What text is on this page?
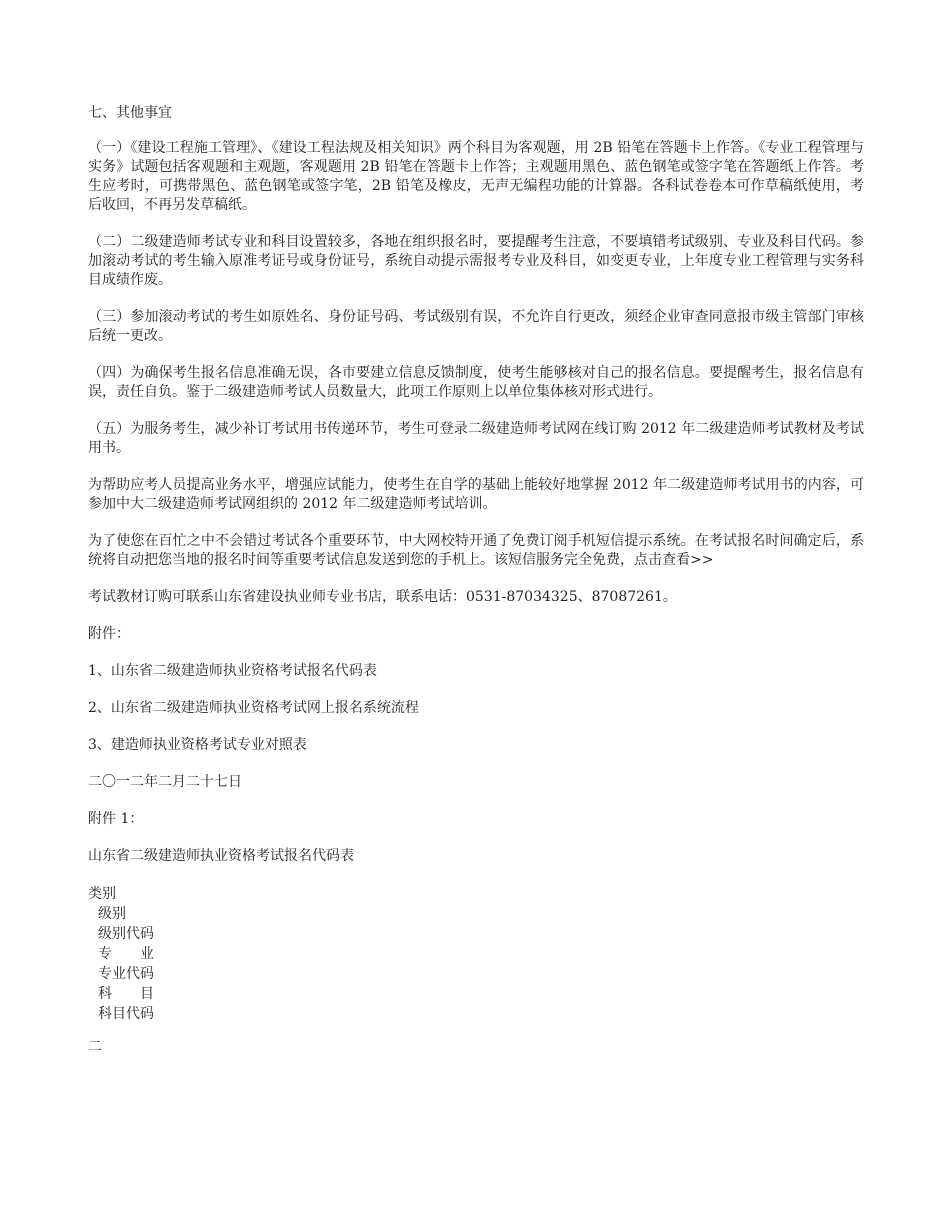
七、其他事宜
（一）《建设工程施工管理》、《建设工程法规及相关知识》两个科目为客观题，用 2B 铅笔在答题卡上作答。《专业工程管理与实务》试题包括客观题和主观题，客观题用 2B 铅笔在答题卡上作答；主观题用黑色、蓝色钢笔或签字笔在答题纸上作答。考生应考时，可携带黑色、蓝色钢笔或签字笔，2B 铅笔及橡皮，无声无编程功能的计算器。各科试卷卷本可作草稿纸使用，考后收回，不再另发草稿纸。
（二）二级建造师考试专业和科目设置较多，各地在组织报名时，要提醒考生注意，不要填错考试级别、专业及科目代码。参加滚动考试的考生输入原准考证号或身份证号，系统自动提示需报考专业及科目，如变更专业，上年度专业工程管理与实务科目成绩作废。
（三）参加滚动考试的考生如原姓名、身份证号码、考试级别有误，不允许自行更改，须经企业审查同意报市级主管部门审核后统一更改。
（四）为确保考生报名信息准确无误，各市要建立信息反馈制度，使考生能够核对自己的报名信息。要提醒考生，报名信息有误，责任自负。鉴于二级建造师考试人员数量大，此项工作原则上以单位集体核对形式进行。
（五）为服务考生，减少补订考试用书传递环节，考生可登录二级建造师考试网在线订购 2012 年二级建造师考试教材及考试用书。
为帮助应考人员提高业务水平，增强应试能力，使考生在自学的基础上能较好地掌握 2012 年二级建造师考试用书的内容，可参加中大二级建造师考试网组织的 2012 年二级建造师考试培训。
为了使您在百忙之中不会错过考试各个重要环节，中大网校特开通了免费订阅手机短信提示系统。在考试报名时间确定后，系统将自动把您当地的报名时间等重要考试信息发送到您的手机上。该短信服务完全免费，点击查看>>
考试教材订购可联系山东省建设执业师专业书店，联系电话：0531-87034325、87087261。
附件：
1、山东省二级建造师执业资格考试报名代码表
2、山东省二级建造师执业资格考试网上报名系统流程
3、建造师执业资格考试专业对照表
二〇一二年二月二十七日
附件 1：
山东省二级建造师执业资格考试报名代码表
类别
级别
级别代码
专　　业
专业代码
科　　目
科目代码
二
